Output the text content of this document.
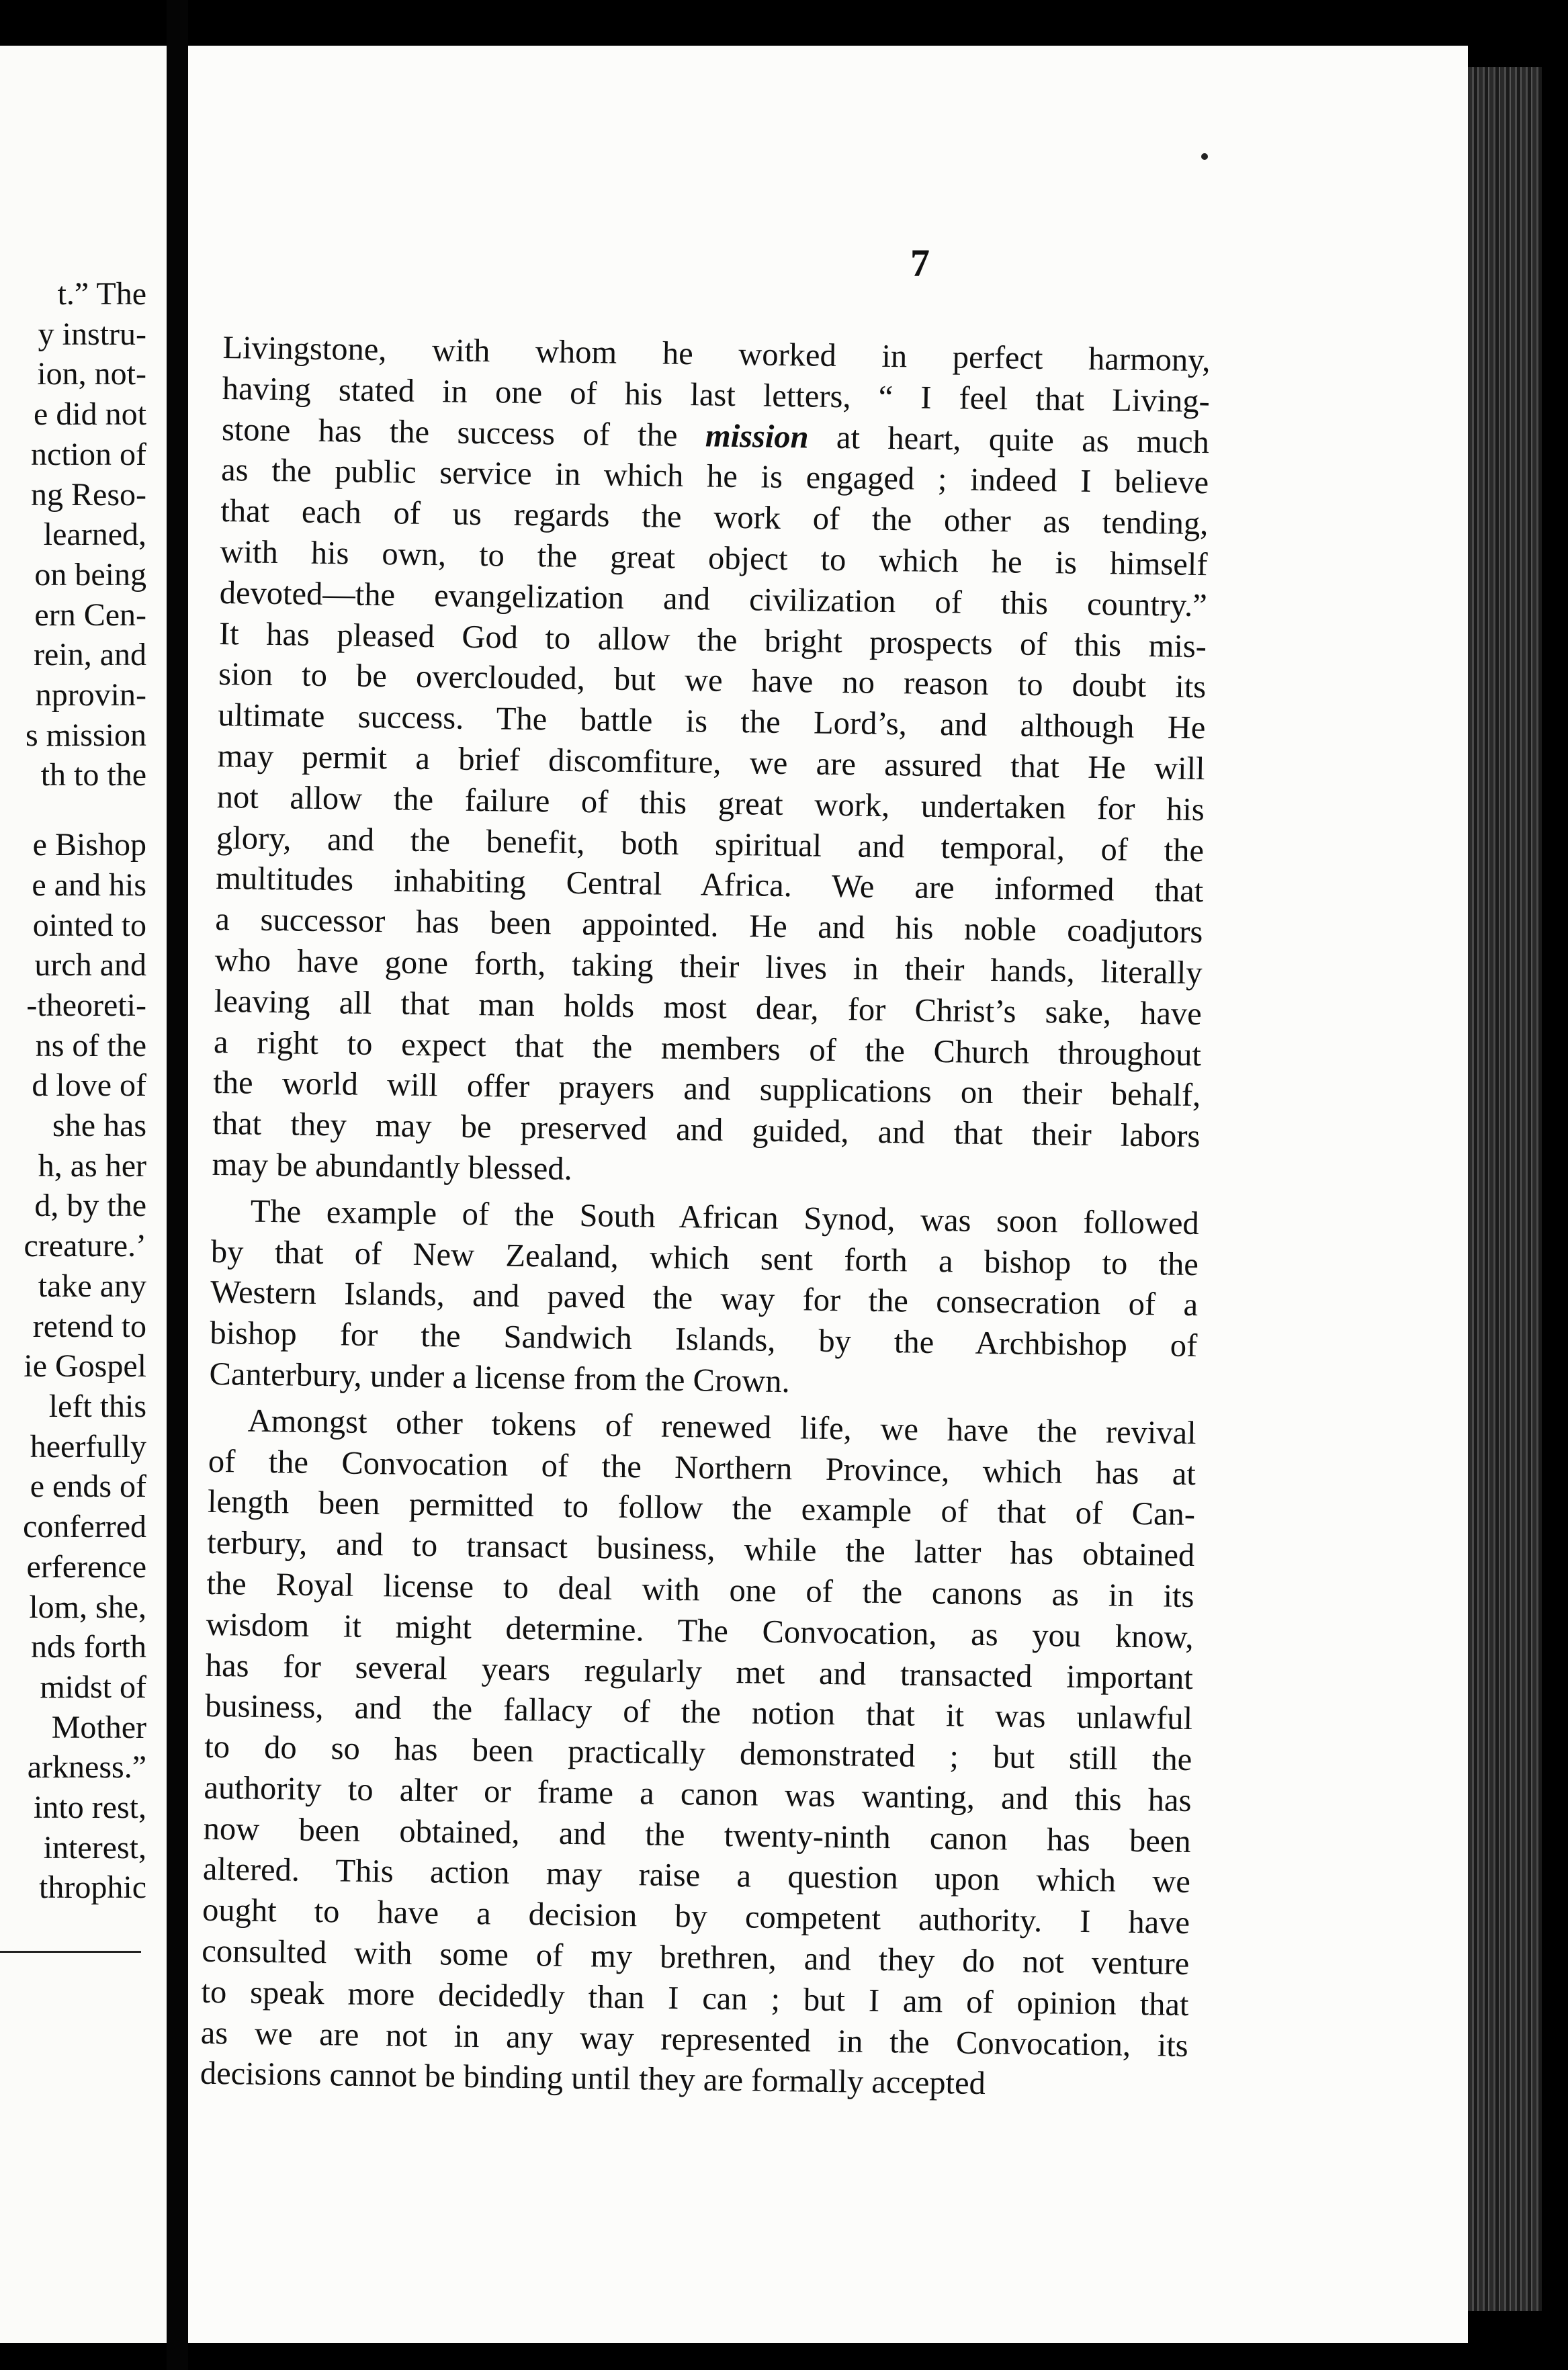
t.” The
y instru-
ion, not-
e did not
nction of
ng Reso-
learned,
on being
ern Cen-
rein, and
nprovin-
s mission
th to the
e Bishop
e and his
ointed to
urch and
-theoreti-
ns of the
d love of
she has
h, as her
d, by the
creature.’
take any
retend to
ie Gospel
left this
heerfully
e ends of
conferred
erference
lom, she,
nds forth
midst of
Mother
arkness.”
into rest,
interest,
throphic
7
Livingstone, with whom he worked in perfect harmony,
having stated in one of his last letters, “ I feel that Living-
stone has the success of the mission at heart, quite as much
as the public service in which he is engaged ; indeed I believe
that each of us regards the work of the other as tending,
with his own, to the great object to which he is himself
devoted—the evangelization and civilization of this country.”
It has pleased God to allow the bright prospects of this mis-
sion to be overclouded, but we have no reason to doubt its
ultimate success. The battle is the Lord’s, and although He
may permit a brief discomfiture, we are assured that He will
not allow the failure of this great work, undertaken for his
glory, and the benefit, both spiritual and temporal, of the
multitudes inhabiting Central Africa. We are informed that
a successor has been appointed. He and his noble coadjutors
who have gone forth, taking their lives in their hands, literally
leaving all that man holds most dear, for Christ’s sake, have
a right to expect that the members of the Church throughout
the world will offer prayers and supplications on their behalf,
that they may be preserved and guided, and that their labors
may be abundantly blessed.
The example of the South African Synod, was soon followed
by that of New Zealand, which sent forth a bishop to the
Western Islands, and paved the way for the consecration of a
bishop for the Sandwich Islands, by the Archbishop of
Canterbury, under a license from the Crown.
Amongst other tokens of renewed life, we have the revival
of the Convocation of the Northern Province, which has at
length been permitted to follow the example of that of Can-
terbury, and to transact business, while the latter has obtained
the Royal license to deal with one of the canons as in its
wisdom it might determine. The Convocation, as you know,
has for several years regularly met and transacted important
business, and the fallacy of the notion that it was unlawful
to do so has been practically demonstrated ; but still the
authority to alter or frame a canon was wanting, and this has
now been obtained, and the twenty-ninth canon has been
altered. This action may raise a question upon which we
ought to have a decision by competent authority. I have
consulted with some of my brethren, and they do not venture
to speak more decidedly than I can ; but I am of opinion that
as we are not in any way represented in the Convocation, its
decisions cannot be binding until they are formally accepted
